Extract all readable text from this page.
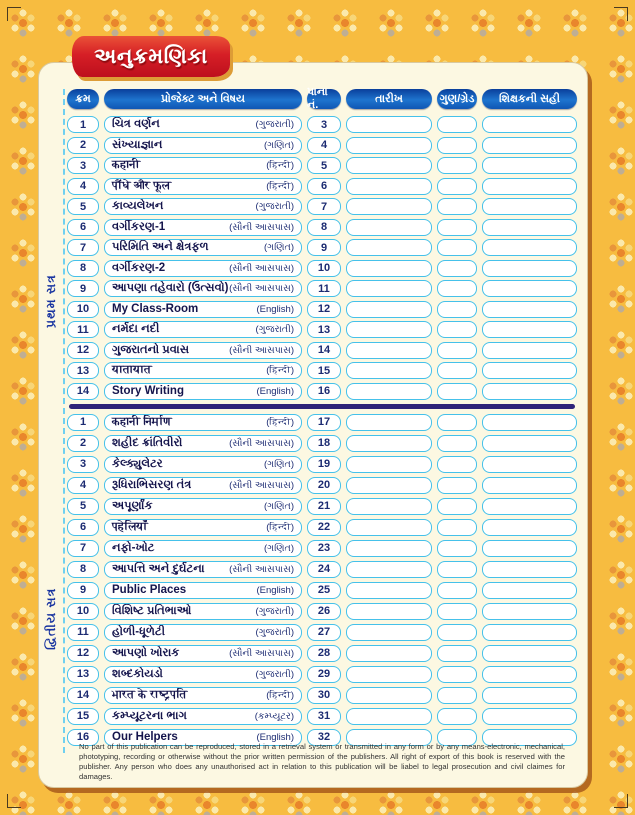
પ્રથમ સત્ર
દ્વિતીય સત્ર
ક્રમ	પ્રોજેક્ટ અને વિષય
પાના નં.
તારીખ	ગુણ/ગ્રેડ	શિક્ષકની સહી
1	ચિત્ર વર્ણન	(ગુજરાતી)	3
2	સંખ્યાજ્ઞાન	(ગણિત)	4
3	कहानी	(हिन्दी)	5
4	पौंधे और फूल	(हिन्दी)	6
5	કાવ્યલેખન	(ગુજરાતી)	7
6	વર્ગીકરણ-1	(સૌની આસપાસ)	8
7	પરિમિતિ અને ક્ષેત્રફળ	(ગણિત)	9
8	વર્ગીકરણ-2	(સૌની આસપાસ)	10
9	આપણા તહેવારો (ઉત્સવો) (સૌની આસપાસ)	11
10	My Class-Room	(English)	12
11	નર્મદા નદી	(ગુજરાતી)	13
12	ગુજરાતનો પ્રવાસ	(સૌની આસપાસ)	14
13	यातायात	(हिन्दी)	15
14	Story Writing	(English)	16
1	कहानी निर्माण	(हिन्दी)	17
2	શહીદ ક્રાંતિવીરો	(સૌની આસપાસ)	18
3	કેલ્ક્યુલેટર	(ગણિત)	19
4	રૂધિરાભિસરણ તંત્ર	(સૌની આસપાસ)	20
5	અપૂર્ણાંક	(ગણિત)	21
6	पहेलियाँ	(हिन्दी)	22
7	નફો-ખોટ	(ગણિત)	23
8	આપત્તિ અને દુર્ઘટના	(સૌની આસપાસ)	24
9	Public Places	(English)	25
10	વિશિષ્ટ પ્રતિભાઓ	(ગુજરાતી)	26
11	હોળી-ધૂળેટી	(ગુજરાતી)	27
12	આપણો ખોરાક	(સૌની આસપાસ)	28
13	શબ્દકોયડો	(ગુજરાતી)	29
14	भारत के राष्ट्रपति	(हिन्दी)	30
15	કમ્પ્યૂટરના ભાગ	(કમ્પ્યૂટર)	31
16	Our Helpers	(English)	32
No part of this publication can be reproduced, stored in a retrieval system or transmitted in any form or by any means-electronic, mechanical, phototyping, recording or otherwise without the prior written permission of the publishers. All right of export of this book is reserved with the publisher. Any person who does any unauthorised act in relation to this publication will be liabel to legal prosecution and civil claimes for damages.
અનુક્રમણિકા
